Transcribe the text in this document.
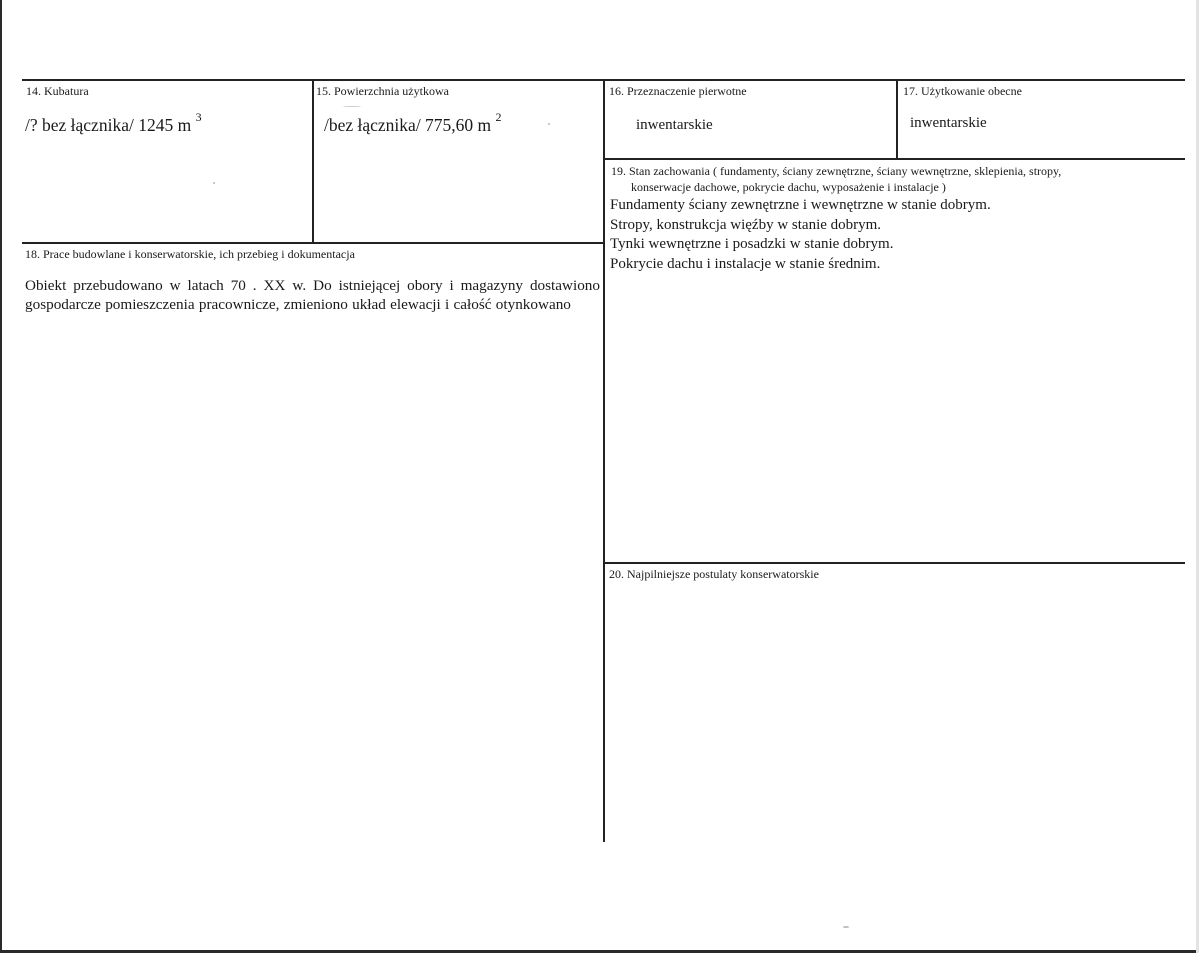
14. Kubatura
/? bez łącznika/ 1245 m $^3$
15. Powierzchnia użytkowa
/bez łącznika/ 775,60 m $^2$
16. Przeznaczenie pierwotne
inwentarskie
17. Użytkowanie obecne
inwentarskie
18. Prace budowlane i konserwatorskie, ich przebieg i dokumentacja
Obiekt przebudowano w latach 70 . XX w. Do istniejącej obory i magazyny dostawiono gospodarcze pomieszczenia pracownicze, zmieniono układ elewacji i całość otynkowano
19. Stan zachowania ( fundamenty, ściany zewnętrzne, ściany wewnętrzne, sklepienia, stropy,
konserwacje dachowe, pokrycie dachu, wyposażenie i instalacje )
Fundamenty ściany zewnętrzne i wewnętrzne w stanie dobrym.
Stropy, konstrukcja więźby w stanie dobrym.
Tynki wewnętrzne i posadzki w stanie dobrym.
Pokrycie dachu i instalacje w stanie średnim.
20. Najpilniejsze postulaty konserwatorskie
